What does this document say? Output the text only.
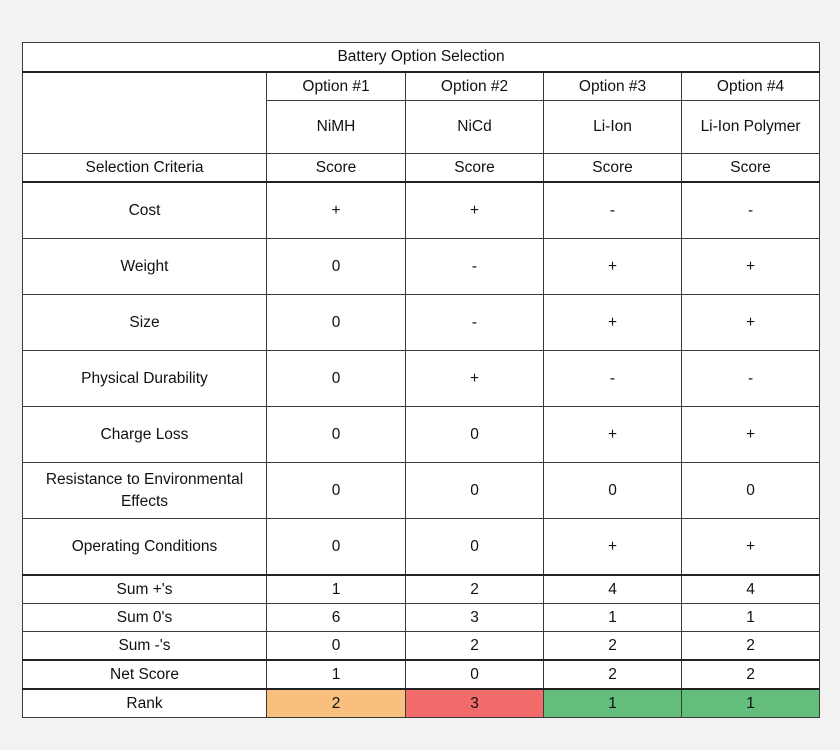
Battery Option Selection				
	Option #1	Option #2	Option #3	Option #4
	NiMH	NiCd	Li-Ion	Li-Ion Polymer
Selection Criteria	Score	Score	Score	Score
Cost	+	+	-	-
Weight	0	-	+	+
Size	0	-	+	+
Physical Durability	0	+	-	-
Charge Loss	0	0	+	+
Resistance to Environmental Effects	0	0	0	0
Operating Conditions	0	0	+	+
Sum +'s	1	2	4	4
Sum 0's	6	3	1	1
Sum -'s	0	2	2	2
Net Score	1	0	2	2
Rank	2	3	1	1
